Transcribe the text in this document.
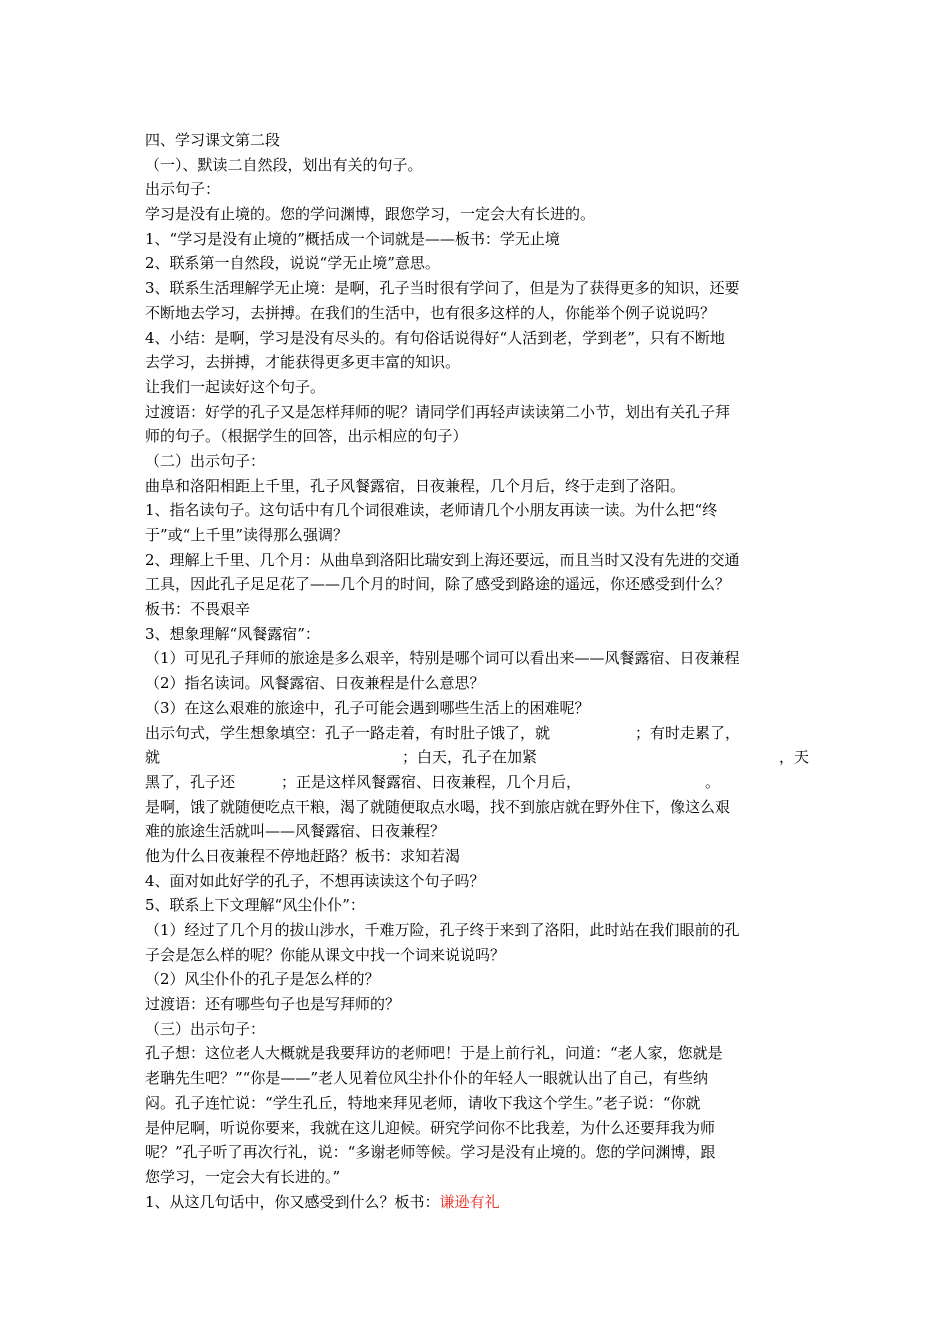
四、学习课文第二段
（一）、默读二自然段，划出有关的句子。
出示句子：
学习是没有止境的。您的学问渊博，跟您学习，一定会大有长进的。
1、“学习是没有止境的”概括成一个词就是——板书：学无止境
2、联系第一自然段，说说“学无止境”意思。
3、联系生活理解学无止境：是啊，孔子当时很有学问了，但是为了获得更多的知识，还要
不断地去学习，去拼搏。在我们的生活中，也有很多这样的人，你能举个例子说说吗？
4、小结：是啊，学习是没有尽头的。有句俗话说得好“人活到老，学到老”，只有不断地
去学习，去拼搏，才能获得更多更丰富的知识。
让我们一起读好这个句子。
过渡语：好学的孔子又是怎样拜师的呢？请同学们再轻声读读第二小节，划出有关孔子拜
师的句子。（根据学生的回答，出示相应的句子）
（二）出示句子：
曲阜和洛阳相距上千里，孔子风餐露宿，日夜兼程，几个月后，终于走到了洛阳。
1、指名读句子。这句话中有几个词很难读，老师请几个小朋友再读一读。为什么把“终
于”或“上千里”读得那么强调？
2、理解上千里、几个月：从曲阜到洛阳比瑞安到上海还要远，而且当时又没有先进的交通
工具，因此孔子足足花了——几个月的时间，除了感受到路途的遥远，你还感受到什么？
板书：不畏艰辛
3、想象理解“风餐露宿”：
（1）可见孔子拜师的旅途是多么艰辛，特别是哪个词可以看出来——风餐露宿、日夜兼程
（2）指名读词。风餐露宿、日夜兼程是什么意思？
（3）在这么艰难的旅途中，孔子可能会遇到哪些生活上的困难呢？
出示句式，学生想象填空：孔子一路走着，有时肚子饿了，就	；有时走累了，
就	；白天，孔子在加紧	，天
黑了，孔子还	；正是这样风餐露宿、日夜兼程，几个月后，	。
是啊，饿了就随便吃点干粮，渴了就随便取点水喝，找不到旅店就在野外住下，像这么艰
难的旅途生活就叫——风餐露宿、日夜兼程？
他为什么日夜兼程不停地赶路？板书：求知若渴
4、面对如此好学的孔子，不想再读读这个句子吗？
5、联系上下文理解“风尘仆仆”：
（1）经过了几个月的拔山涉水，千难万险，孔子终于来到了洛阳，此时站在我们眼前的孔
子会是怎么样的呢？你能从课文中找一个词来说说吗？
（2）风尘仆仆的孔子是怎么样的？
过渡语：还有哪些句子也是写拜师的？
（三）出示句子：
孔子想：这位老人大概就是我要拜访的老师吧！于是上前行礼，问道：“老人家，您就是
老聃先生吧？”“你是——”老人见着位风尘扑仆仆的年轻人一眼就认出了自己，有些纳
闷。孔子连忙说：“学生孔丘，特地来拜见老师，请收下我这个学生。”老子说：“你就
是仲尼啊，听说你要来，我就在这儿迎候。研究学问你不比我差，为什么还要拜我为师
呢？”孔子听了再次行礼，说：“多谢老师等候。学习是没有止境的。您的学问渊博，跟
您学习，一定会大有长进的。”
1、从这几句话中，你又感受到什么？板书：谦逊有礼
